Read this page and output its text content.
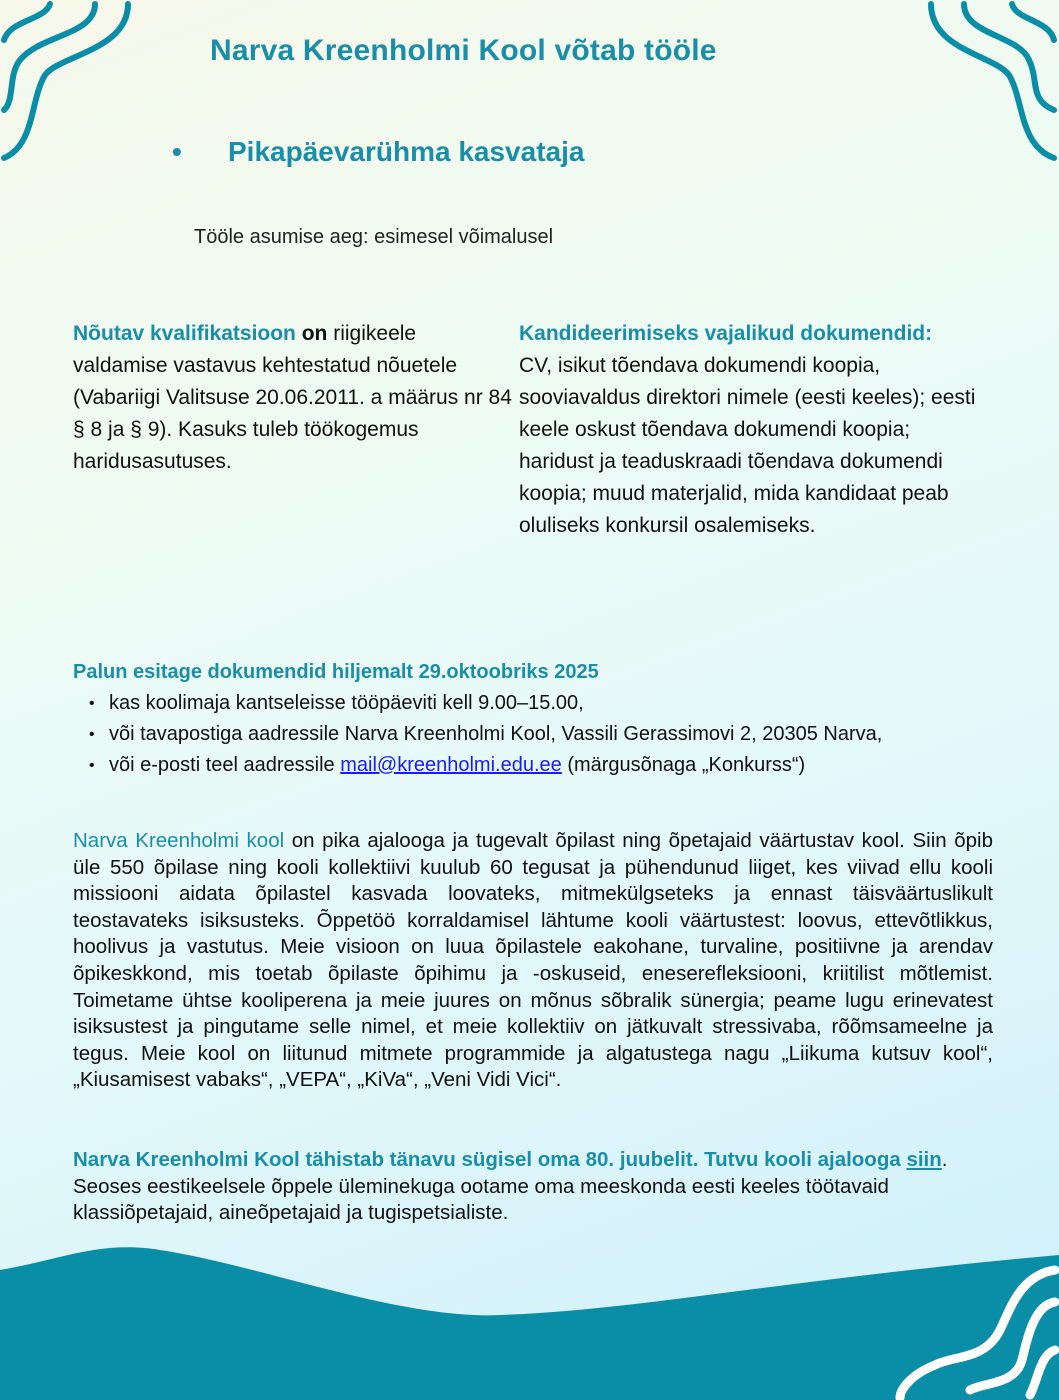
Narva Kreenholmi Kool võtab tööle
• Pikapäevarühma kasvataja
Tööle asumise aeg: esimesel võimalusel
Nõutav kvalifikatsioon on riigikeele valdamise vastavus kehtestatud nõuetele (Vabariigi Valitsuse 20.06.2011. a määrus nr 84 § 8 ja § 9). Kasuks tuleb töökogemus haridusasutuses.
Kandideerimiseks vajalikud dokumendid:
CV, isikut tõendava dokumendi koopia, sooviavaldus direktori nimele (eesti keeles); eesti keele oskust tõendava dokumendi koopia; haridust ja teaduskraadi tõendava dokumendi koopia; muud materjalid, mida kandidaat peab oluliseks konkursil osalemiseks.
Palun esitage dokumendid hiljemalt 29.oktoobriks 2025
• kas koolimaja kantseleisse tööpäeviti kell 9.00–15.00,
• või tavapostiga aadressile Narva Kreenholmi Kool, Vassili Gerassimovi 2, 20305 Narva,
• või e-posti teel aadressile mail@kreenholmi.edu.ee (märgusõnaga „Konkurss“)
Narva Kreenholmi kool on pika ajalooga ja tugevalt õpilast ning õpetajaid väärtustav kool. Siin õpib üle 550 õpilase ning kooli kollektiivi kuulub 60 tegusat ja pühendunud liiget, kes viivad ellu kooli missiooni aidata õpilastel kasvada loovateks, mitmekülgseteks ja ennast täisväärtuslikult teostavateks isiksusteks. Õppetöö korraldamisel lähtume kooli väärtustest: loovus, ettevõtlikkus, hoolivus ja vastutus. Meie visioon on luua õpilastele eakohane, turvaline, positiivne ja arendav õpikeskkond, mis toetab õpilaste õpihimu ja -oskuseid, eneserefleksiooni, kriitilist mõtlemist. Toimetame ühtse kooliperena ja meie juures on mõnus sõbralik sünergia; peame lugu erinevatest isiksustest ja pingutame selle nimel, et meie kollektiiv on jätkuvalt stressivaba, rõõmsameelne ja tegus. Meie kool on liitunud mitmete programmide ja algatustega nagu „Liikuma kutsuv kool“, „Kiusamisest vabaks“, „VEPA“, „KiVa“, „Veni Vidi Vici“.
Narva Kreenholmi Kool tähistab tänavu sügisel oma 80. juubelit. Tutvu kooli ajalooga siin.
Seoses eestikeelsele õppele üleminekuga ootame oma meeskonda eesti keeles töötavaid klassiõpetajaid, aineõpetajaid ja tugispetsialiste.
